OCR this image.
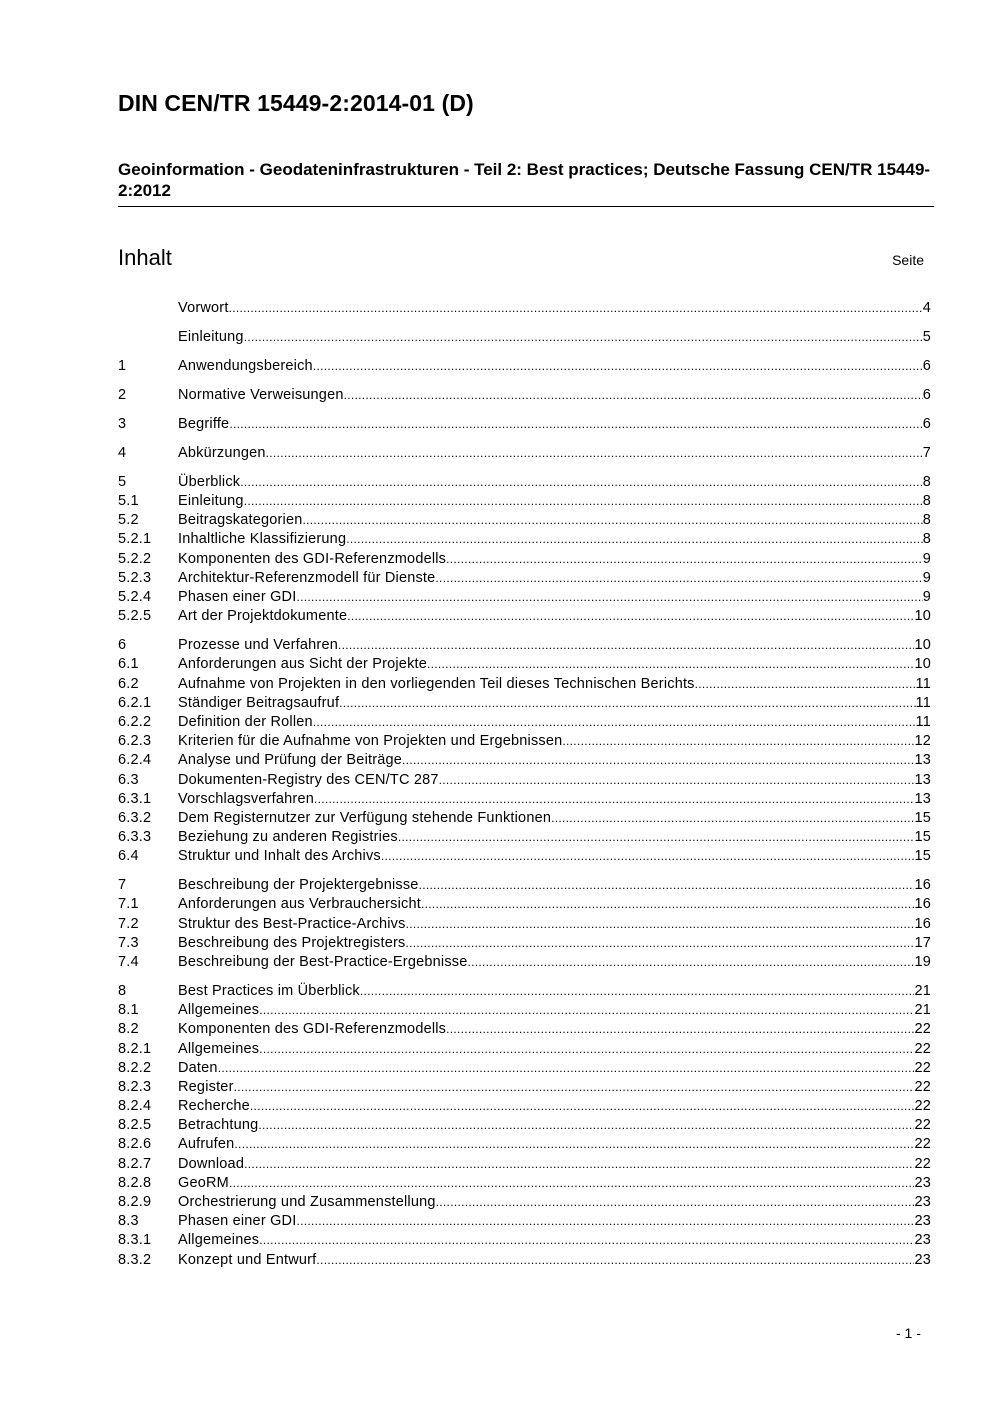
DIN CEN/TR 15449-2:2014-01 (D)
Geoinformation - Geodateninfrastrukturen - Teil 2: Best practices; Deutsche Fassung CEN/TR 15449-2:2012
Inhalt	Seite
Vorwort .....	4
Einleitung .....	5
1	Anwendungsbereich .....	6
2	Normative Verweisungen .....	6
3	Begriffe .....	6
4	Abkürzungen .....	7
5	Überblick .....	8
5.1	Einleitung .....	8
5.2	Beitragskategorien .....	8
5.2.1	Inhaltliche Klassifizierung .....	8
5.2.2	Komponenten des GDI-Referenzmodells .....	9
5.2.3	Architektur-Referenzmodell für Dienste .....	9
5.2.4	Phasen einer GDI .....	9
5.2.5	Art der Projektdokumente .....	10
6	Prozesse und Verfahren .....	10
6.1	Anforderungen aus Sicht der Projekte .....	10
6.2	Aufnahme von Projekten in den vorliegenden Teil dieses Technischen Berichts .....	11
6.2.1	Ständiger Beitragsaufruf .....	11
6.2.2	Definition der Rollen .....	11
6.2.3	Kriterien für die Aufnahme von Projekten und Ergebnissen .....	12
6.2.4	Analyse und Prüfung der Beiträge .....	13
6.3	Dokumenten-Registry des CEN/TC 287 .....	13
6.3.1	Vorschlagsverfahren .....	13
6.3.2	Dem Registernutzer zur Verfügung stehende Funktionen .....	15
6.3.3	Beziehung zu anderen Registries .....	15
6.4	Struktur und Inhalt des Archivs .....	15
7	Beschreibung der Projektergebnisse .....	16
7.1	Anforderungen aus Verbrauchersicht .....	16
7.2	Struktur des Best-Practice-Archivs .....	16
7.3	Beschreibung des Projektregisters .....	17
7.4	Beschreibung der Best-Practice-Ergebnisse .....	19
8	Best Practices im Überblick .....	21
8.1	Allgemeines .....	21
8.2	Komponenten des GDI-Referenzmodells .....	22
8.2.1	Allgemeines .....	22
8.2.2	Daten .....	22
8.2.3	Register .....	22
8.2.4	Recherche .....	22
8.2.5	Betrachtung .....	22
8.2.6	Aufrufen .....	22
8.2.7	Download .....	22
8.2.8	GeoRM .....	23
8.2.9	Orchestrierung und Zusammenstellung .....	23
8.3	Phasen einer GDI .....	23
8.3.1	Allgemeines .....	23
8.3.2	Konzept und Entwurf .....	23
- 1 -
